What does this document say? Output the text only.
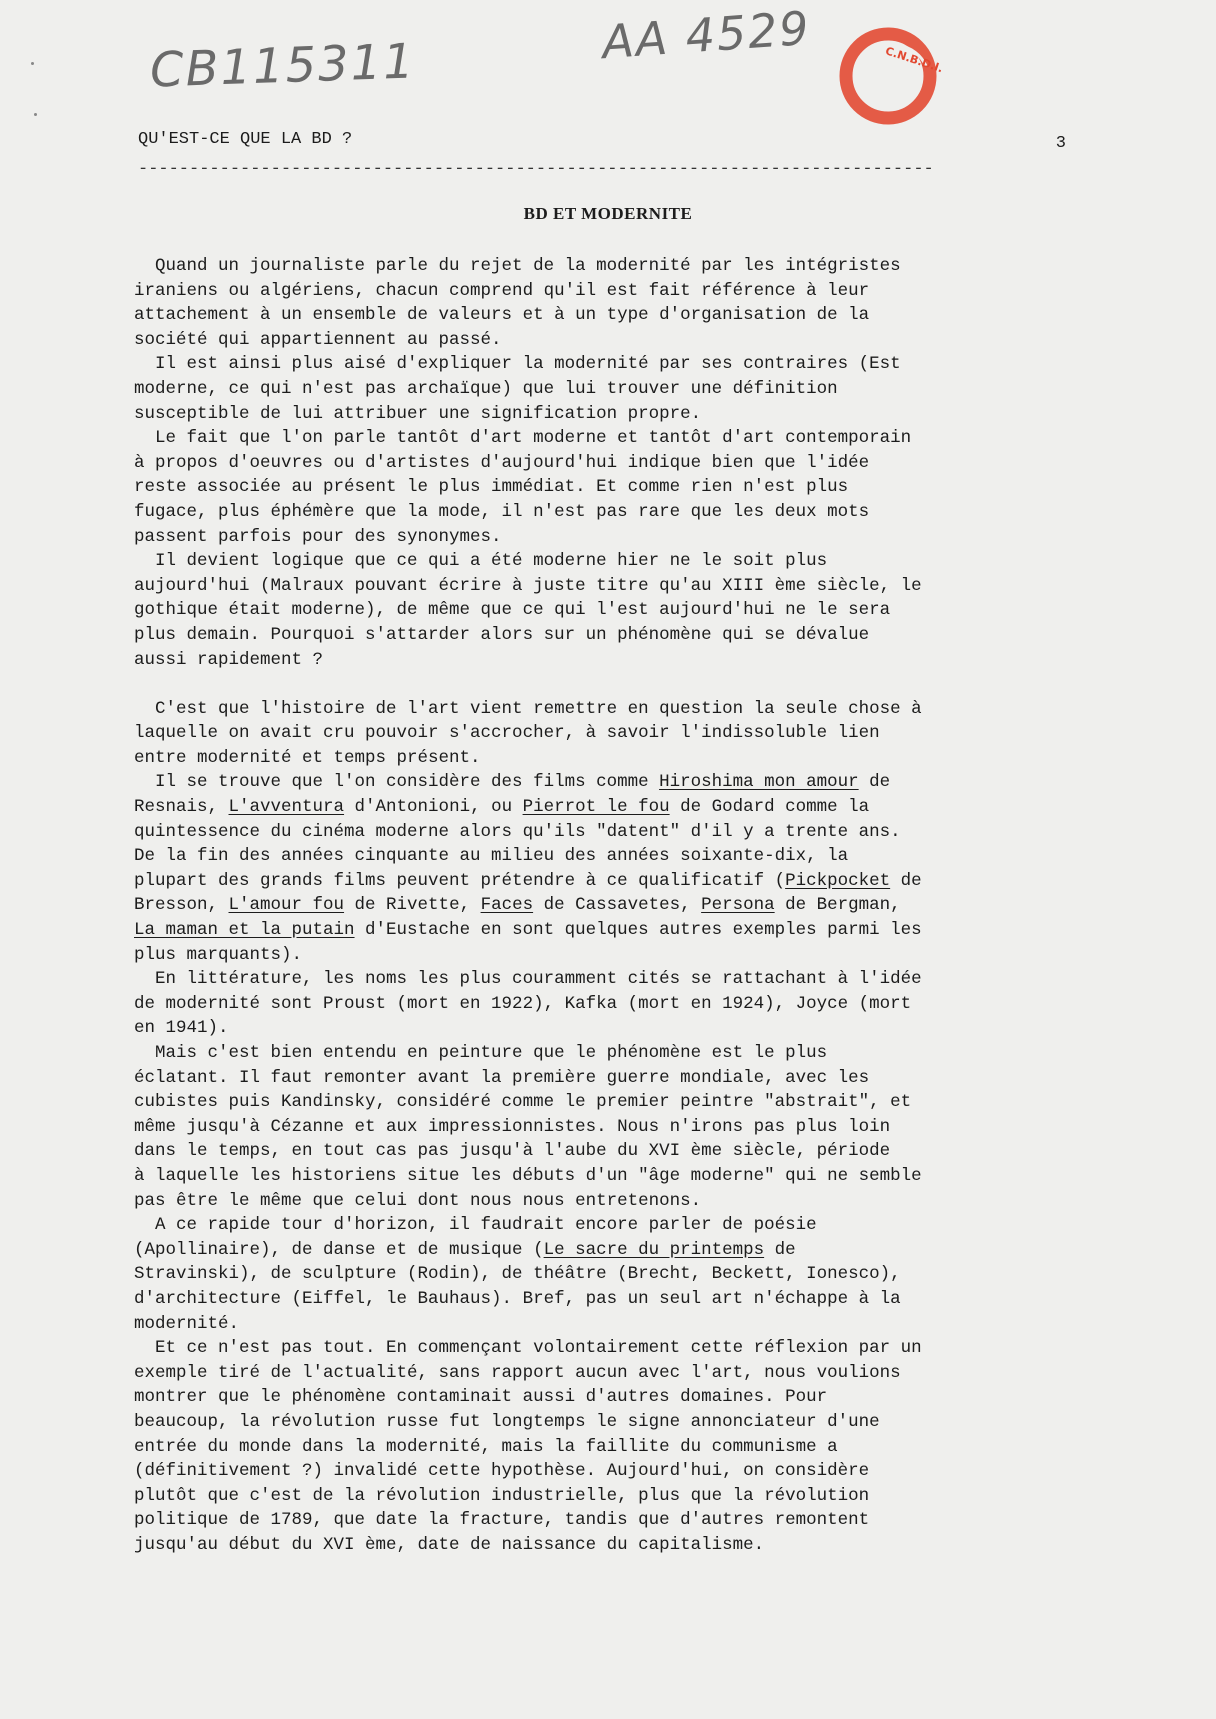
CB115311	AA 4529	C.N.B.D.I.
QU'EST-CE QUE LA BD ?	3
------------------------------------------------------------------------------
BD ET MODERNITE

Quand un journaliste parle du rejet de la modernité par les intégristes
iraniens ou algériens, chacun comprend qu'il est fait référence à leur
attachement à un ensemble de valeurs et à un type d'organisation de la
société qui appartiennent au passé.

Il est ainsi plus aisé d'expliquer la modernité par ses contraires (Est
moderne, ce qui n'est pas archaïque) que lui trouver une définition
susceptible de lui attribuer une signification propre.

Le fait que l'on parle tantôt d'art moderne et tantôt d'art contemporain
à propos d'oeuvres ou d'artistes d'aujourd'hui indique bien que l'idée
reste associée au présent le plus immédiat. Et comme rien n'est plus
fugace, plus éphémère que la mode, il n'est pas rare que les deux mots
passent parfois pour des synonymes.

Il devient logique que ce qui a été moderne hier ne le soit plus
aujourd'hui (Malraux pouvant écrire à juste titre qu'au XIII ème siècle, le
gothique était moderne), de même que ce qui l'est aujourd'hui ne le sera
plus demain. Pourquoi s'attarder alors sur un phénomène qui se dévalue
aussi rapidement ?

C'est que l'histoire de l'art vient remettre en question la seule chose à
laquelle on avait cru pouvoir s'accrocher, à savoir l'indissoluble lien
entre modernité et temps présent.

Il se trouve que l'on considère des films comme Hiroshima mon amour de
Resnais, L'avventura d'Antonioni, ou Pierrot le fou de Godard comme la
quintessence du cinéma moderne alors qu'ils "datent" d'il y a trente ans.
De la fin des années cinquante au milieu des années soixante-dix, la
plupart des grands films peuvent prétendre à ce qualificatif (Pickpocket de
Bresson, L'amour fou de Rivette, Faces de Cassavetes, Persona de Bergman,
La maman et la putain d'Eustache en sont quelques autres exemples parmi les
plus marquants).

En littérature, les noms les plus couramment cités se rattachant à l'idée
de modernité sont Proust (mort en 1922), Kafka (mort en 1924), Joyce (mort
en 1941).

Mais c'est bien entendu en peinture que le phénomène est le plus
éclatant. Il faut remonter avant la première guerre mondiale, avec les
cubistes puis Kandinsky, considéré comme le premier peintre "abstrait", et
même jusqu'à Cézanne et aux impressionnistes. Nous n'irons pas plus loin
dans le temps, en tout cas pas jusqu'à l'aube du XVI ème siècle, période
à laquelle les historiens situe les débuts d'un "âge moderne" qui ne semble
pas être le même que celui dont nous nous entretenons.

A ce rapide tour d'horizon, il faudrait encore parler de poésie
(Apollinaire), de danse et de musique (Le sacre du printemps de
Stravinski), de sculpture (Rodin), de théâtre (Brecht, Beckett, Ionesco),
d'architecture (Eiffel, le Bauhaus). Bref, pas un seul art n'échappe à la
modernité.

Et ce n'est pas tout. En commençant volontairement cette réflexion par un
exemple tiré de l'actualité, sans rapport aucun avec l'art, nous voulions
montrer que le phénomène contaminait aussi d'autres domaines. Pour
beaucoup, la révolution russe fut longtemps le signe annonciateur d'une
entrée du monde dans la modernité, mais la faillite du communisme a
(définitivement ?) invalidé cette hypothèse. Aujourd'hui, on considère
plutôt que c'est de la révolution industrielle, plus que la révolution
politique de 1789, que date la fracture, tandis que d'autres remontent
jusqu'au début du XVI ème, date de naissance du capitalisme.
